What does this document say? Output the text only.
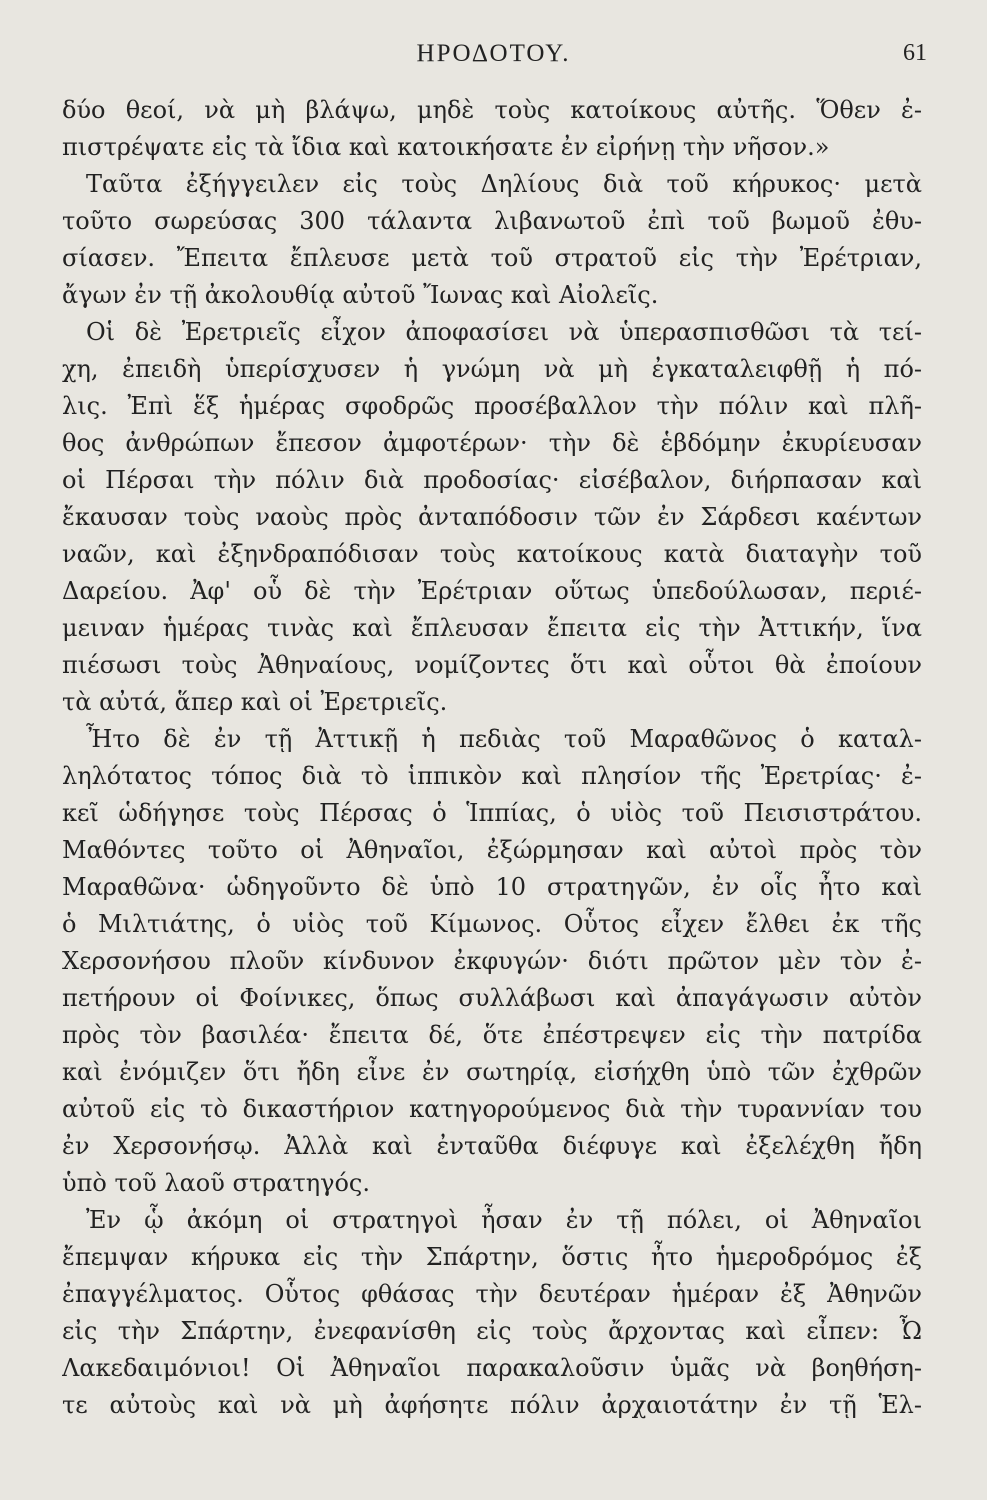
ΗΡΟΔΟΤΟΥ.	61
δύο θεοί, νὰ μὴ βλάψω, μηδὲ τοὺς κατοίκους αὐτῆς. Ὅθεν ἐ-
πιστρέψατε εἰς τὰ ἴδια καὶ κατοικήσατε ἐν εἰρήνῃ τὴν νῆσον.»
Ταῦτα ἐξήγγειλεν εἰς τοὺς Δηλίους διὰ τοῦ κήρυκος· μετὰ
τοῦτο σωρεύσας 300 τάλαντα λιβανωτοῦ ἐπὶ τοῦ βωμοῦ ἐθυ-
σίασεν. Ἔπειτα ἔπλευσε μετὰ τοῦ στρατοῦ εἰς τὴν Ἐρέτριαν,
ἄγων ἐν τῇ ἀκολουθίᾳ αὐτοῦ Ἴωνας καὶ Αἰολεῖς.
Οἱ δὲ Ἐρετριεῖς εἶχον ἀποφασίσει νὰ ὑπερασπισθῶσι τὰ τεί-
χη, ἐπειδὴ ὑπερίσχυσεν ἡ γνώμη νὰ μὴ ἐγκαταλειφθῇ ἡ πό-
λις. Ἐπὶ ἕξ ἡμέρας σφοδρῶς προσέβαλλον τὴν πόλιν καὶ πλῆ-
θος ἀνθρώπων ἔπεσον ἀμφοτέρων· τὴν δὲ ἑβδόμην ἐκυρίευσαν
οἱ Πέρσαι τὴν πόλιν διὰ προδοσίας· εἰσέβαλον, διήρπασαν καὶ
ἔκαυσαν τοὺς ναοὺς πρὸς ἀνταπόδοσιν τῶν ἐν Σάρδεσι καέντων
ναῶν, καὶ ἐξηνδραπόδισαν τοὺς κατοίκους κατὰ διαταγὴν τοῦ
Δαρείου. Ἀφ' οὗ δὲ τὴν Ἐρέτριαν οὕτως ὑπεδούλωσαν, περιέ-
μειναν ἡμέρας τινὰς καὶ ἔπλευσαν ἔπειτα εἰς τὴν Ἀττικήν, ἵνα
πιέσωσι τοὺς Ἀθηναίους, νομίζοντες ὅτι καὶ οὗτοι θὰ ἐποίουν
τὰ αὐτά, ἅπερ καὶ οἱ Ἐρετριεῖς.
Ἦτο δὲ ἐν τῇ Ἀττικῇ ἡ πεδιὰς τοῦ Μαραθῶνος ὁ καταλ-
ληλότατος τόπος διὰ τὸ ἱππικὸν καὶ πλησίον τῆς Ἐρετρίας· ἐ-
κεῖ ὡδήγησε τοὺς Πέρσας ὁ Ἱππίας, ὁ υἱὸς τοῦ Πεισιστράτου.
Μαθόντες τοῦτο οἱ Ἀθηναῖοι, ἐξώρμησαν καὶ αὐτοὶ πρὸς τὸν
Μαραθῶνα· ὡδηγοῦντο δὲ ὑπὸ 10 στρατηγῶν, ἐν οἷς ἦτο καὶ
ὁ Μιλτιάτης, ὁ υἱὸς τοῦ Κίμωνος. Οὗτος εἶχεν ἔλθει ἐκ τῆς
Χερσονήσου πλοῦν κίνδυνον ἐκφυγών· διότι πρῶτον μὲν τὸν ἐ-
πετήρουν οἱ Φοίνικες, ὅπως συλλάβωσι καὶ ἀπαγάγωσιν αὐτὸν
πρὸς τὸν βασιλέα· ἔπειτα δέ, ὅτε ἐπέστρεψεν εἰς τὴν πατρίδα
καὶ ἐνόμιζεν ὅτι ἤδη εἶνε ἐν σωτηρίᾳ, εἰσήχθη ὑπὸ τῶν ἐχθρῶν
αὐτοῦ εἰς τὸ δικαστήριον κατηγορούμενος διὰ τὴν τυραννίαν του
ἐν Χερσονήσῳ. Ἀλλὰ καὶ ἐνταῦθα διέφυγε καὶ ἐξελέχθη ἤδη
ὑπὸ τοῦ λαοῦ στρατηγός.
Ἐν ᾧ ἀκόμη οἱ στρατηγοὶ ἦσαν ἐν τῇ πόλει, οἱ Ἀθηναῖοι
ἔπεμψαν κήρυκα εἰς τὴν Σπάρτην, ὅστις ἦτο ἡμεροδρόμος ἐξ
ἐπαγγέλματος. Οὗτος φθάσας τὴν δευτέραν ἡμέραν ἐξ Ἀθηνῶν
εἰς τὴν Σπάρτην, ἐνεφανίσθη εἰς τοὺς ἄρχοντας καὶ εἶπεν: Ὦ
Λακεδαιμόνιοι! Οἱ Ἀθηναῖοι παρακαλοῦσιν ὑμᾶς νὰ βοηθήση-
τε αὐτοὺς καὶ νὰ μὴ ἀφήσητε πόλιν ἀρχαιοτάτην ἐν τῇ Ἑλ-
